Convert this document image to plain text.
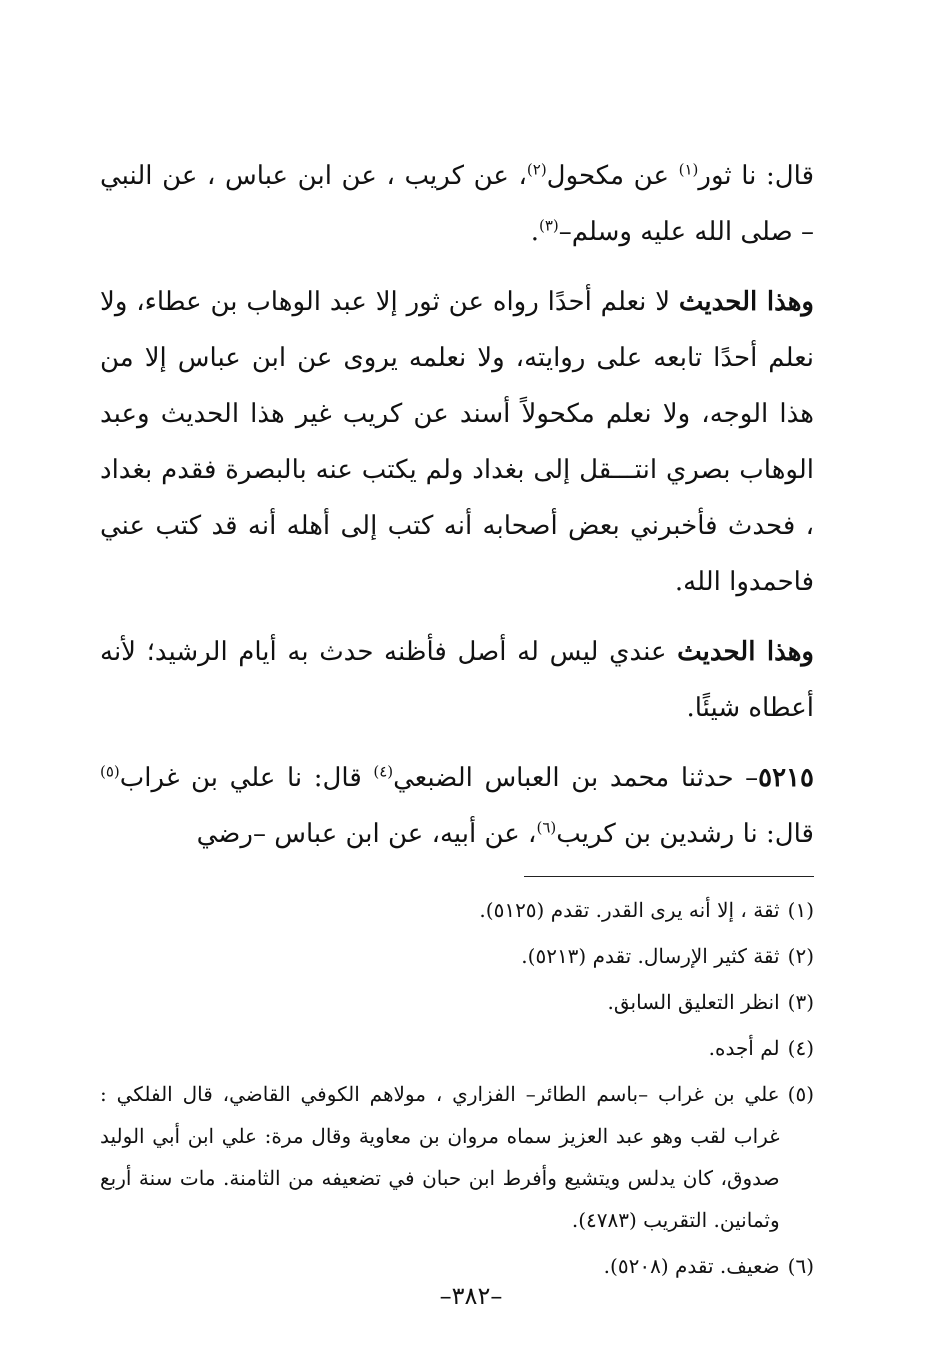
قال: نا ثور$^{(١)}$ عن مكحول$^{(٢)}$، عن كريب ، عن ابن عباس ، عن النبي – صلى الله عليه وسلم–$^{(٣)}$.

وهذا الحديث لا نعلم أحدًا رواه عن ثور إلا عبد الوهاب بن عطاء، ولا نعلم أحدًا تابعه على روايته، ولا نعلمه يروى عن ابن عباس إلا من هذا الوجه، ولا نعلم مكحولاً أسند عن كريب غير هذا الحديث وعبد الوهاب بصري انتـــقل إلى بغداد ولم يكتب عنه بالبصرة فقدم بغداد ، فحدث فأخبرني بعض أصحابه أنه كتب إلى أهله أنه قد كتب عني فاحمدوا الله.

وهذا الحديث عندي ليس له أصل فأظنه حدث به أيام الرشيد؛ لأنه أعطاه شيئًا.

٥٢١٥– حدثنا محمد بن العباس الضبعي$^{(٤)}$ قال: نا علي بن غراب$^{(٥)}$ قال: نا رشدين بن كريب$^{(٦)}$، عن أبيه، عن ابن عباس –رضي

(١)
ثقة ، إلا أنه يرى القدر. تقدم (٥١٢٥).
(٢)
ثقة كثير الإرسال. تقدم (٥٢١٣).
(٣)
انظر التعليق السابق.
(٤)
لم أجده.
(٥)
علي بن غراب –باسم الطائر– الفزاري ، مولاهم الكوفي القاضي، قال الفلكي : غراب لقب وهو عبد العزيز سماه مروان بن معاوية وقال مرة: علي ابن أبي الوليد صدوق، كان يدلس ويتشيع وأفرط ابن حبان في تضعيفه من الثامنة. مات سنة أربع وثمانين. التقريب (٤٧٨٣).
(٦)
ضعيف. تقدم (٥٢٠٨).
–٣٨٢–
